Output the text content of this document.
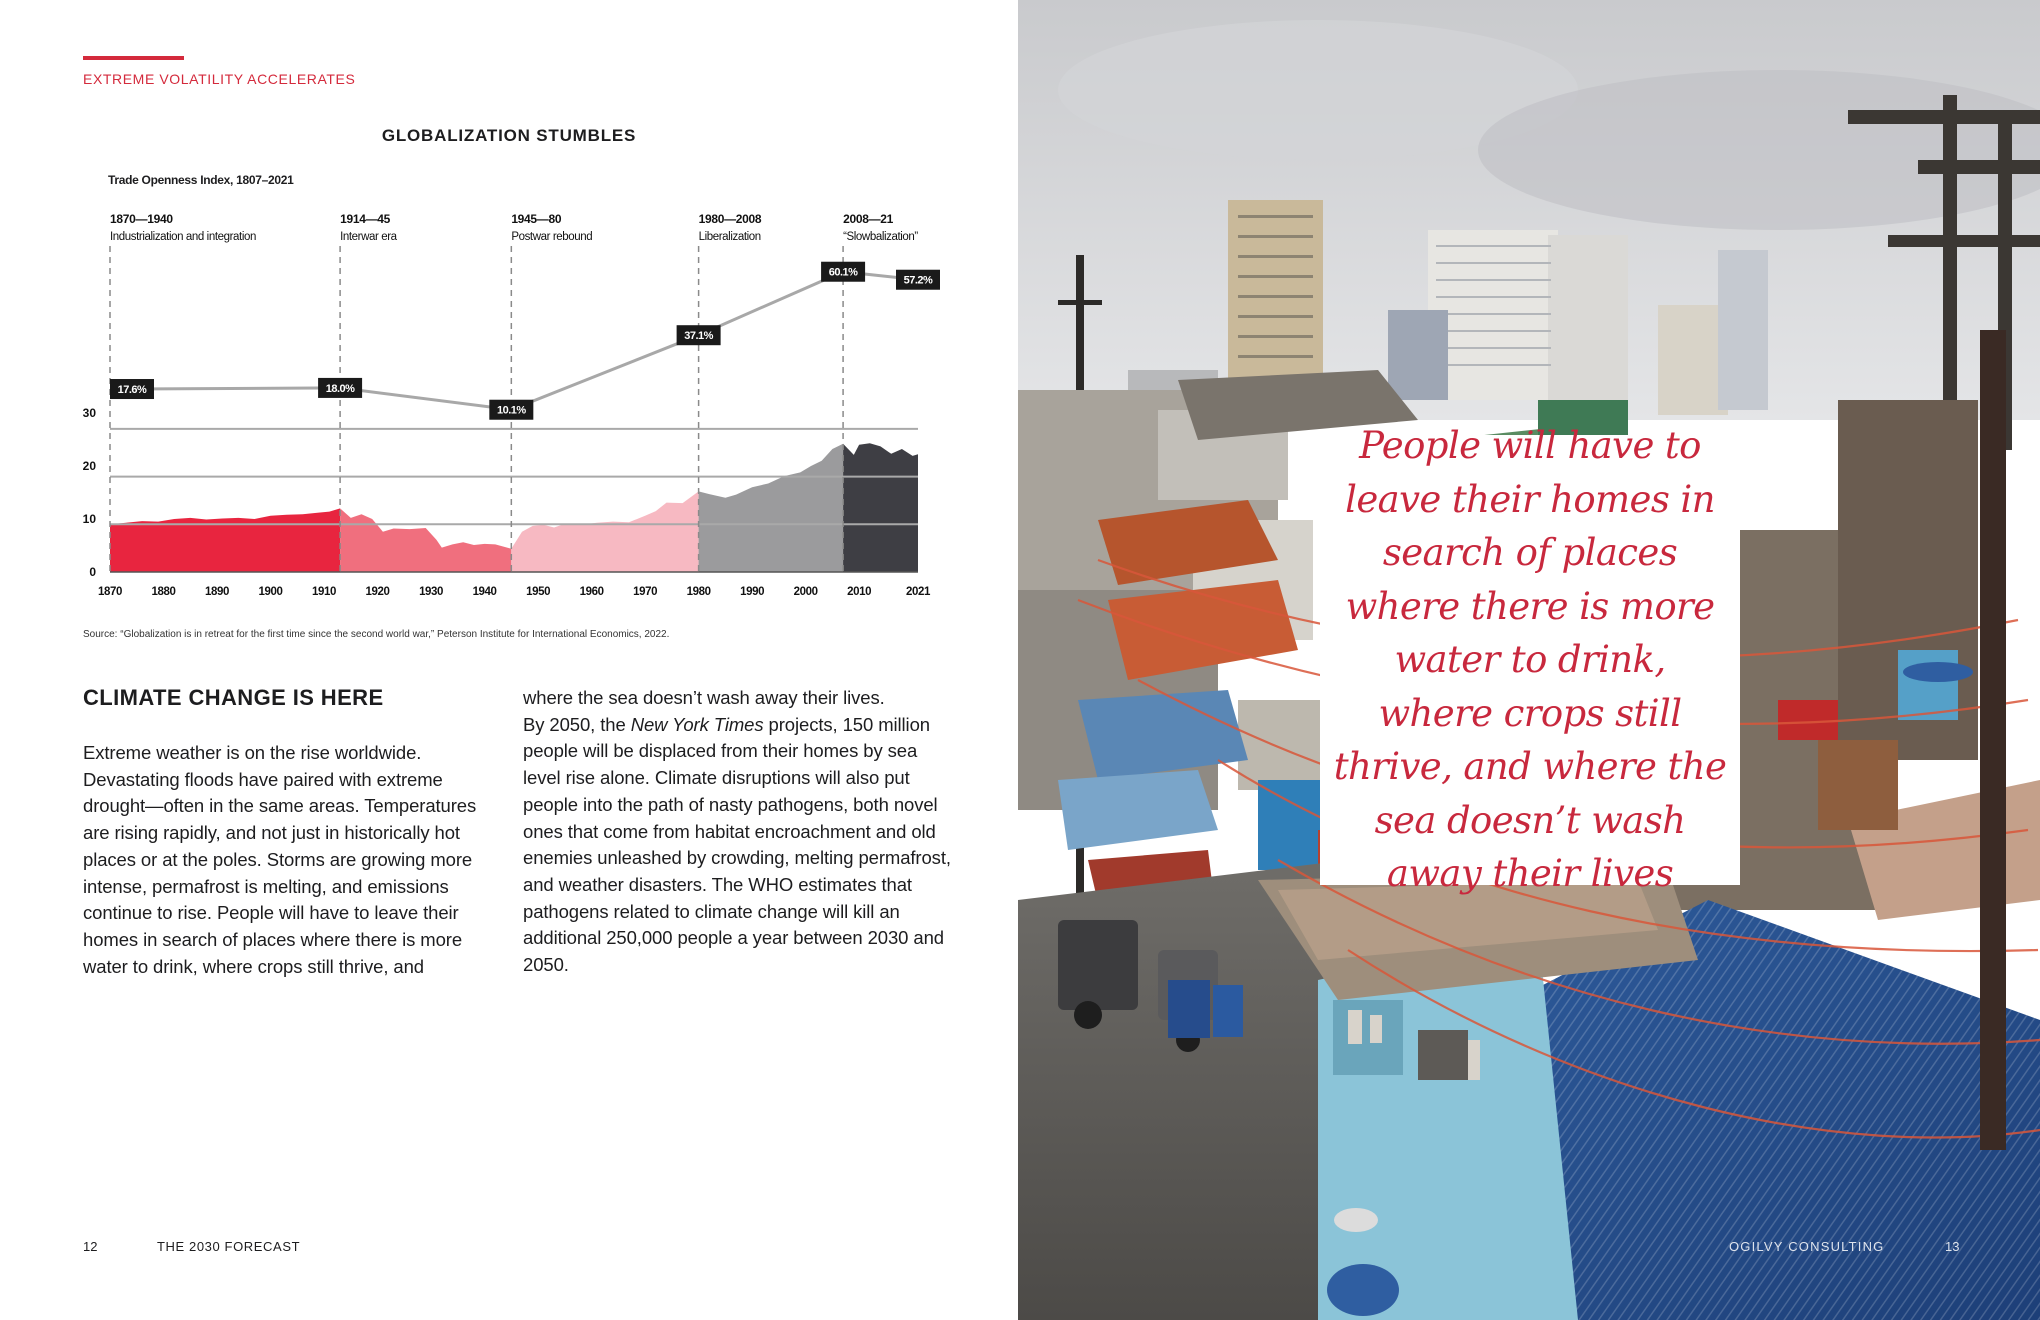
EXTREME VOLATILITY ACCELERATES
GLOBALIZATION STUMBLES
Trade Openness Index, 1807–2021
1870—1940
Industrialization and integration
1914—45
Interwar era
1945—80
Postwar rebound
1980—2008
Liberalization
2008—21
“Slowbalization”
0
10
20
30
1870	1880	1890	1900	1910	1920	1930	1940	1950	1960	1970	1980	1990	2000	2010	2021
17.6%	18.0%
10.1%
37.1%
60.1%
57.2%
Source: “Globalization is in retreat for the first time since the second world war,” Peterson Institute for International Economics, 2022.
CLIMATE CHANGE IS HERE

Extreme weather is on the rise worldwide. Devastating floods have paired with extreme drought—often in the same areas. Temperatures are rising rapidly, and not just in historically hot places or at the poles. Storms are growing more intense, permafrost is melting, and emissions continue to rise. People will have to leave their homes in search of places where there is more water to drink, where crops still thrive, and

where the sea doesn’t wash away their lives.

By 2050, the New York Times projects, 150 million people will be displaced from their homes by sea level rise alone. Climate disruptions will also put people into the path of nasty pathogens, both novel ones that come from habitat encroachment and old enemies unleashed by crowding, melting permafrost, and weather disasters. The WHO estimates that pathogens related to climate change will kill an additional 250,000 people a year between 2030 and 2050.

12	THE 2030 FORECAST
People will have to leave their homes in search of places where there is more water to drink, where crops still thrive, and where the sea doesn’t wash away their lives
OGILVY CONSULTING	13
